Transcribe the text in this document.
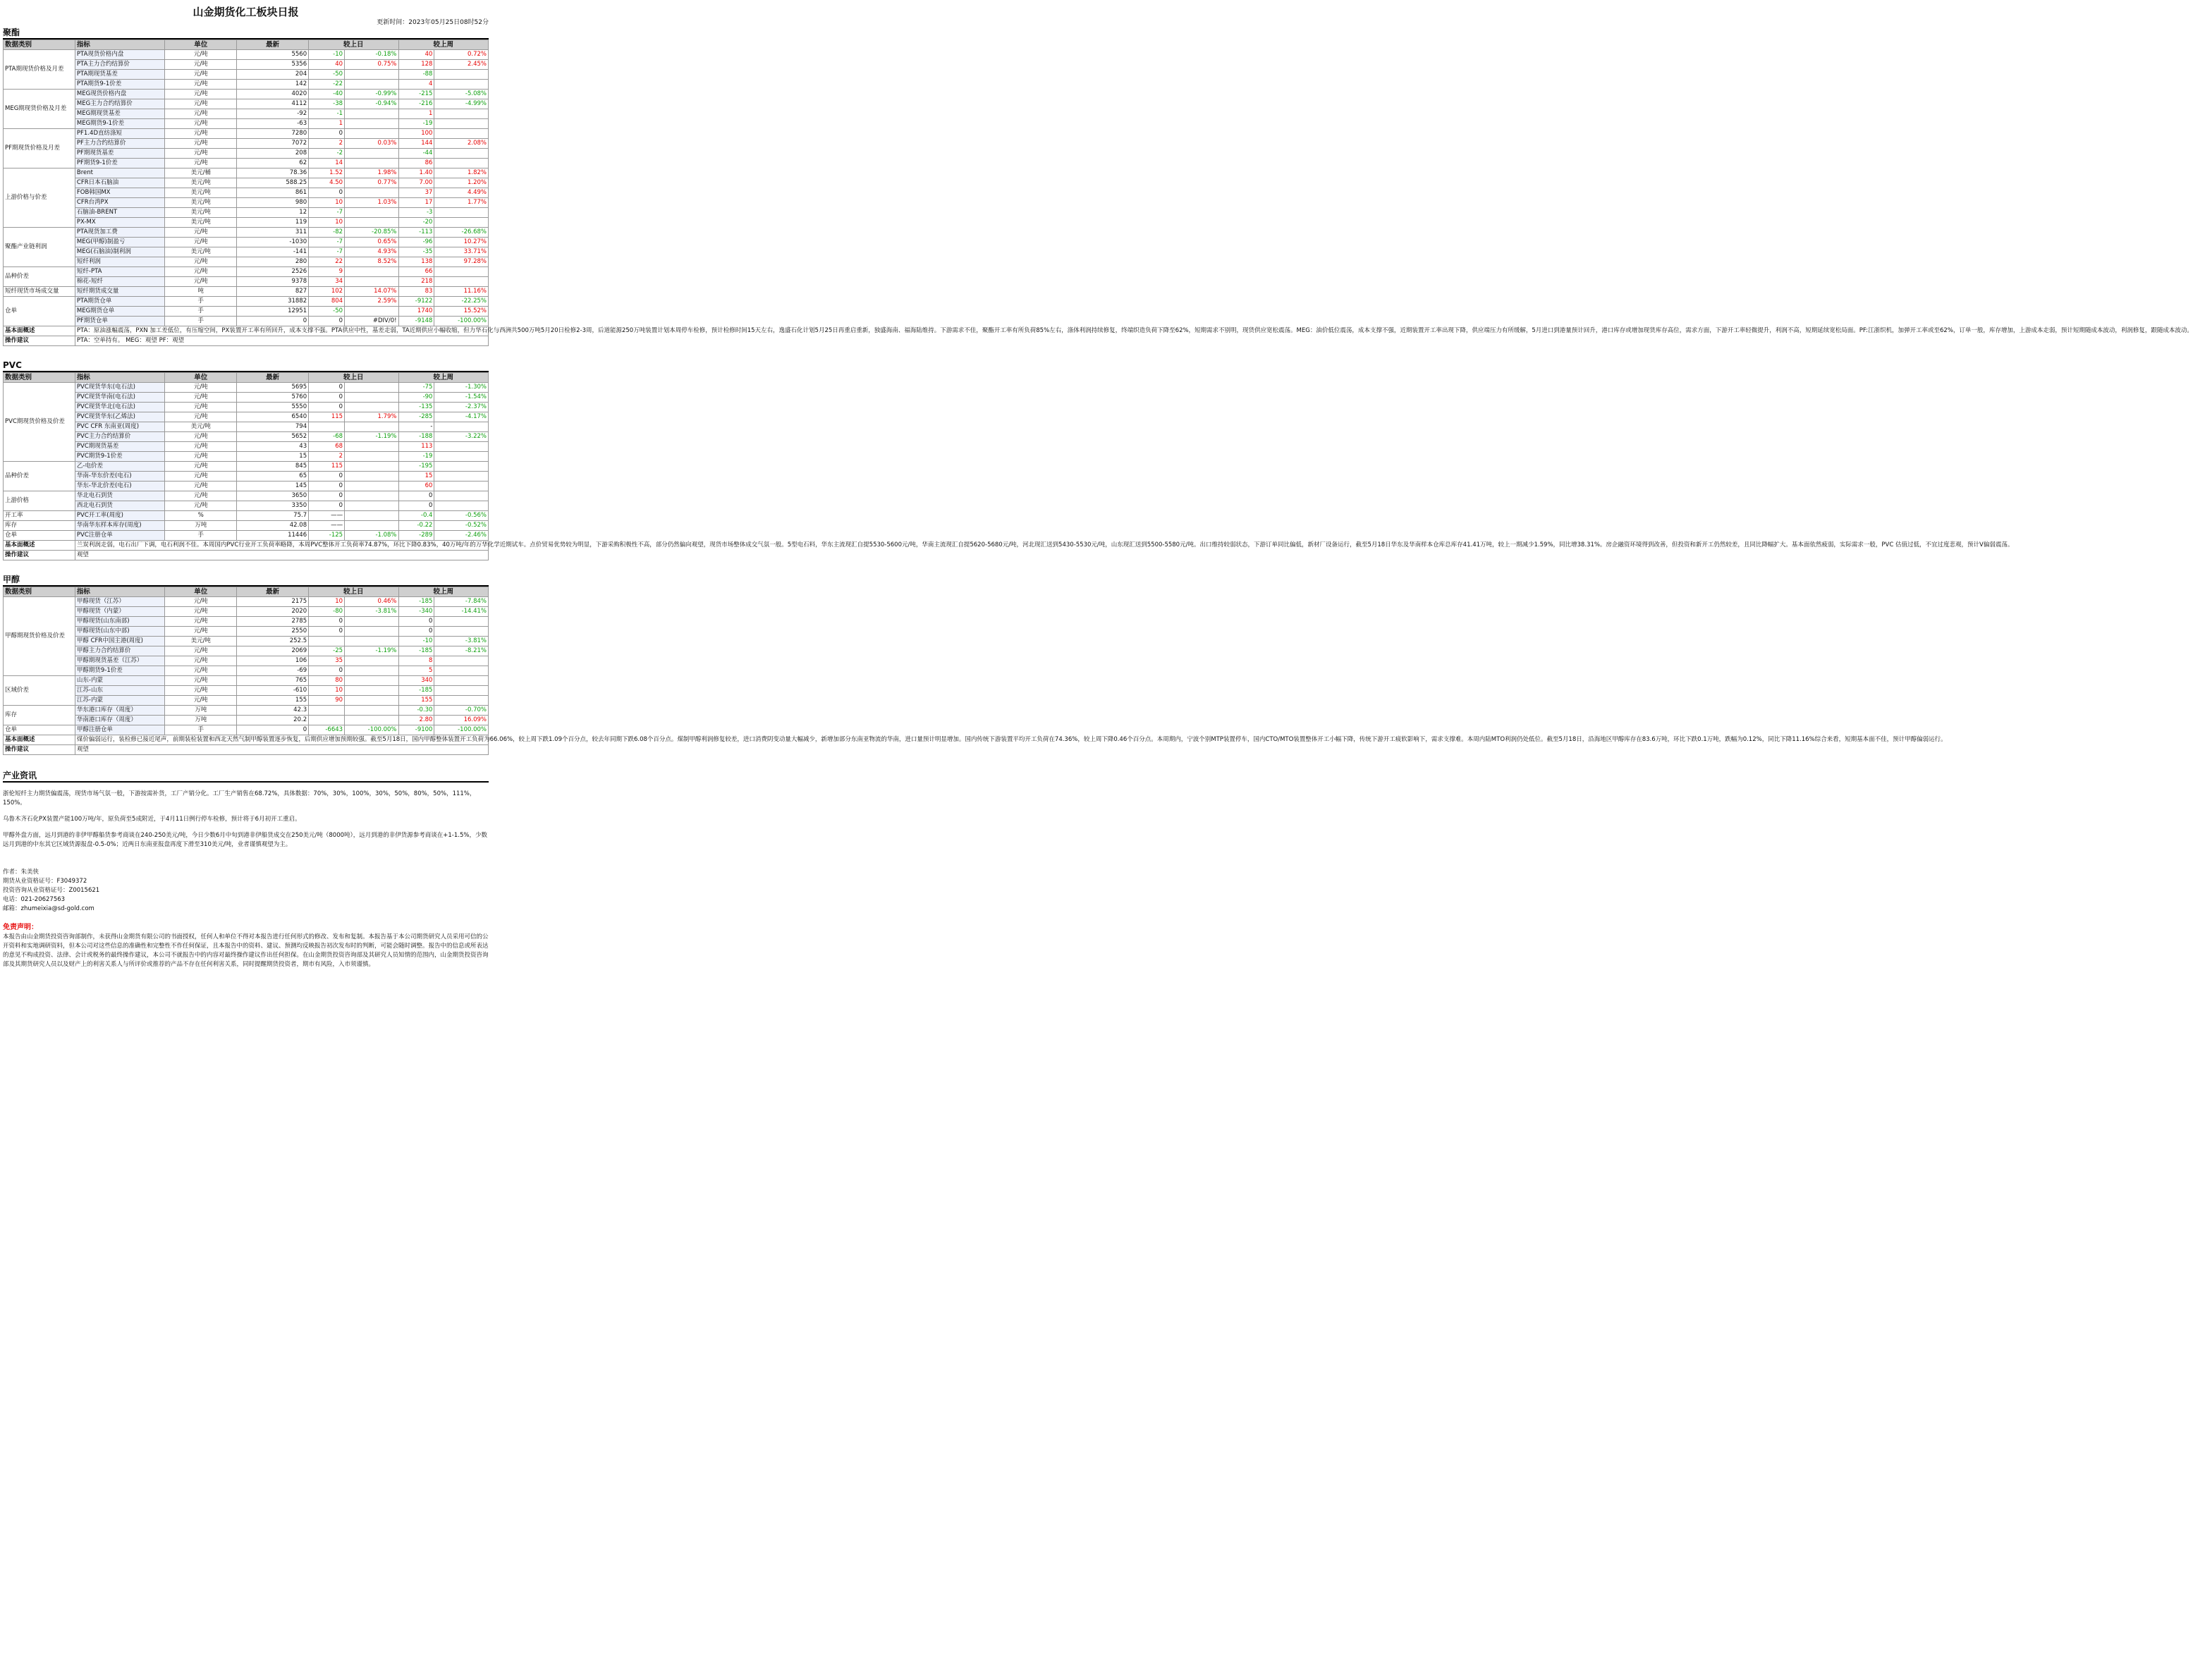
山金期货化工板块日报
更新时间：2023年05月25日08时52分
聚酯
数据类别	指标	单位	最新	较上日		较上周	
PTA期现货价格及月差	PTA现货价格内盘	元/吨	5560	-10	-0.18%	40	0.72%
	PTA主力合约结算价	元/吨	5356	40	0.75%	128	2.45%
	PTA期现货基差	元/吨	204	-50		-88	
	PTA期货9-1价差	元/吨	142	-22		4	
MEG期现货价格及月差	MEG现货价格内盘	元/吨	4020	-40	-0.99%	-215	-5.08%
	MEG主力合约结算价	元/吨	4112	-38	-0.94%	-216	-4.99%
	MEG期现货基差	元/吨	-92	-1		1	
	MEG期货9-1价差	元/吨	-63	1		-19	
PF期现货价格及月差	PF1.4D直纺涤短	元/吨	7280	0		100	
	PF主力合约结算价	元/吨	7072	2	0.03%	144	2.08%
	PF期现货基差	元/吨	208	-2		-44	
	PF期货9-1价差	元/吨	62	14		86	
上游价格与价差	Brent	美元/桶	78.36	1.52	1.98%	1.40	1.82%
	CFR日本石脑油	美元/吨	588.25	4.50	0.77%	7.00	1.20%
	FOB韩国MX	美元/吨	861	0		37	4.49%
	CFR台湾PX	美元/吨	980	10	1.03%	17	1.77%
	石脑油-BRENT	美元/吨	12	-7		-3	
	PX-MX	美元/吨	119	10		-20	
聚酯产业链利润	PTA现货加工费	元/吨	311	-82	-20.85%	-113	-26.68%
	MEG(甲醇)制盈亏	元/吨	-1030	-7	0.65%	-96	10.27%
	MEG(石脑油)制利润	美元/吨	-141	-7	4.93%	-35	33.71%
	短纤利润	元/吨	280	22	8.52%	138	97.28%
品种价差	短纤-PTA	元/吨	2526	9		66	
	棉花-短纤	元/吨	9378	34		218	
短纤现货市场成交量	短纤期货成交量	吨	827	102	14.07%	83	11.16%
仓单	PTA期货仓单	手	31882	804	2.59%	-9122	-22.25%
	MEG期货仓单	手	12951	-50		1740	15.52%
	PF期货仓单	手	0	0	#DIV/0!	-9148	-100.00%
基本面概述	PTA：原油涨幅震荡，PXN 加工差低位，有压缩空间，PX装置开工率有所回升，成本支撑不强。PTA供应中性，基差走弱，TA近期供应小幅收缩，但力华石化与西洲共500万吨5月20日检修2-3周，后道能源250万吨装置计划本周停车检修，预计检修时间15天左右，逸盛石化计划5月25日再重启重新，独盛海南、福海陆维持。下游需求不佳，聚酯开工率有所负荷85%左右，涤体利润持续修复，终端织造负荷下降至62%，短期需求不别明，现货供应宽松震荡。MEG：油价低位震荡，成本支撑不强，近期装置开工率出现下降，供应端压力有所缓解，5月进口到港量预计回升，港口库存或增加现货库存高位，需求方面，下游开工率轻微提升，利润不高，短期延续宽松局面。PF:江浙织机，加弹开工率或至62%，订单一般，库存增加，上游成本走弱，预计短期随成本波动，利润修复，跟随成本波动。						
操作建议	PTA：空单持有。 MEG：观望 PF：观望						
PVC
数据类别	指标	单位	最新	较上日		较上周	
PVC期现货价格及价差	PVC现货华东(电石法)	元/吨	5695	0		-75	-1.30%
	PVC现货华南(电石法)	元/吨	5760	0		-90	-1.54%
	PVC现货华北(电石法)	元/吨	5550	0		-135	-2.37%
	PVC现货华东(乙烯法)	元/吨	6540	115	1.79%	-285	-4.17%
	PVC CFR 东南亚(周度)	美元/吨	794			-	
	PVC主力合约结算价	元/吨	5652	-68	-1.19%	-188	-3.22%
	PVC期现货基差	元/吨	43	68		113	
	PVC期货9-1价差	元/吨	15	2		-19	
品种价差	乙-电价差	元/吨	845	115		-195	
	华南-华东价差(电石)	元/吨	65	0		15	
	华东-华北价差(电石)	元/吨	145	0		60	
上游价格	华北电石到货	元/吨	3650	0		0	
	西北电石到货	元/吨	3350	0		0	
开工率	PVC开工率(周度)	%	75.7	——		-0.4	-0.56%
库存	华南华东样本库存(周度)	万吨	42.08	——		-0.22	-0.52%
仓单	PVC注册仓单	手	11446	-125	-1.08%	-289	-2.46%
基本面概述	兰炭利润走弱，电石出厂下调，电石利润不佳。本周国内PVC行业开工负荷率略降，本周PVC整体开工负荷率74.87%，环比下降0.83%，40万吨/年的万华化学近期试车。点价贸易优势较为明显，下游采购积极性不高，部分仍然偏向观望，现货市场整体成交气氛一般。5型电石料，华东主流现汇自提5530-5600元/吨，华南主流现汇自提5620-5680元/吨，河北现汇送到5430-5530元/吨，山东现汇送到5500-5580元/吨。出口维持较弱状态，下游订单同比偏低，新材厂设备运行，截至5月18日华东及华南样本仓库总库存41.41万吨，较上一期减少1.59%，同比增38.31%。房企融资环境得到改善，但投资和新开工仍然较差，且同比降幅扩大。基本面依然疲弱，实际需求一般，PVC 估值过低，不宜过度悲观，预计V偏弱震荡。						
操作建议	观望						
甲醇
数据类别	指标	单位	最新	较上日		较上周	
甲醇期现货价格及价差	甲醇现货（江苏）	元/吨	2175	10	0.46%	-185	-7.84%
	甲醇现货（内蒙）	元/吨	2020	-80	-3.81%	-340	-14.41%
	甲醇现货(山东南部)	元/吨	2785	0		0	
	甲醇现货(山东中部)	元/吨	2550	0		0	
	甲醇 CFR中国主港(周度)	美元/吨	252.5			-10	-3.81%
	甲醇主力合约结算价	元/吨	2069	-25	-1.19%	-185	-8.21%
	甲醇期现货基差（江苏）	元/吨	106	35		8	
	甲醇期货9-1价差	元/吨	-69	0		5	
区域价差	山东-内蒙	元/吨	765	80		340	
	江苏-山东	元/吨	-610	10		-185	
	江苏-内蒙	元/吨	155	90		155	
库存	华东港口库存（周度）	万吨	42.3			-0.30	-0.70%
	华南港口库存（周度）	万吨	20.2			2.80	16.09%
仓单	甲醇注册仓单	手	0	-6643	-100.00%	-9100	-100.00%
基本面概述	煤价偏弱运行，装检修已接近尾声，前期装检装置和西北天然气制甲醇装置逐步恢复，后期供应增加预期较强。截至5月18日，国内甲醇整体装置开工负荷为66.06%，较上周下跌1.09个百分点，较去年同期下跌6.08个百分点。煤制甲醇利润修复较差，进口消费阴变动量大幅减少，新增加部分东南亚物流的华南，进口量预计明显增加。国内传统下游装置平均开工负荷在74.36%，较上周下降0.46个百分点。本周期内，宁波个别MTP装置停车，国内CTO/MTO装置整体开工小幅下降，传统下游开工疲软影响下，需求支撑难。本周内陆MTO利润仍处低位。截至5月18日，沿海地区甲醇库存在83.6万吨，环比下跌0.1万吨，跌幅为0.12%，同比下降11.16%综合来看，短期基本面不佳，预计甲醇偏弱运行。						
操作建议	观望						
产业资讯
浙伦短纤主力期货偏震荡，现货市场气氛一般，下游按需补货，工厂产销分化。工厂生产销售在68.72%，具体数据：70%，30%，100%，30%，50%，80%，50%，111%，150%。
乌鲁木齐石化PX装置产能100万吨/年，原负荷至5成附近，于4月11日例行停车检修，预计将于6月初开工重启。
甲醇外盘方面，远月到港的非伊甲醇船货参考商谈在240-250美元/吨，今日少数6月中旬到港非伊船货成交在250美元/吨（8000吨），远月到港的非伊货源参考商谈在+1-1.5%，少数远月到港的中东其它区域货源报盘-0.5-0%；近两日东南亚报盘再度下滑至310美元/吨，业者谨慎观望为主。
作者：朱美侠
期货从业资格证号：F3049372
投资咨询从业资格证号：Z0015621
电话：021-20627563
邮箱：zhumeixia@sd-gold.com
免责声明：
本报告由山金期货投资咨询部制作，未获得山金期货有限公司的书面授权，任何人和单位不得对本报告进行任何形式的修改、发布和复制。本报告基于本公司期货研究人员采用可信的公开资料和实地调研资料，但本公司对这些信息的准确性和完整性不作任何保证，且本报告中的资料、建议、预测均反映报告初次发布时的判断，可能会随时调整。报告中的信息或所表达的意见不构成投资、法律、会计或税务的最终操作建议，本公司不就报告中的内容对最终操作建议作出任何担保。在山金期货投资咨询部及其研究人员知情的范围内，山金期货投资咨询部及其期货研究人员以及财产上的利害关系人与所评价或推荐的产品不存在任何利害关系，同时提醒期货投资者，期市有风险，入市须谨慎。
